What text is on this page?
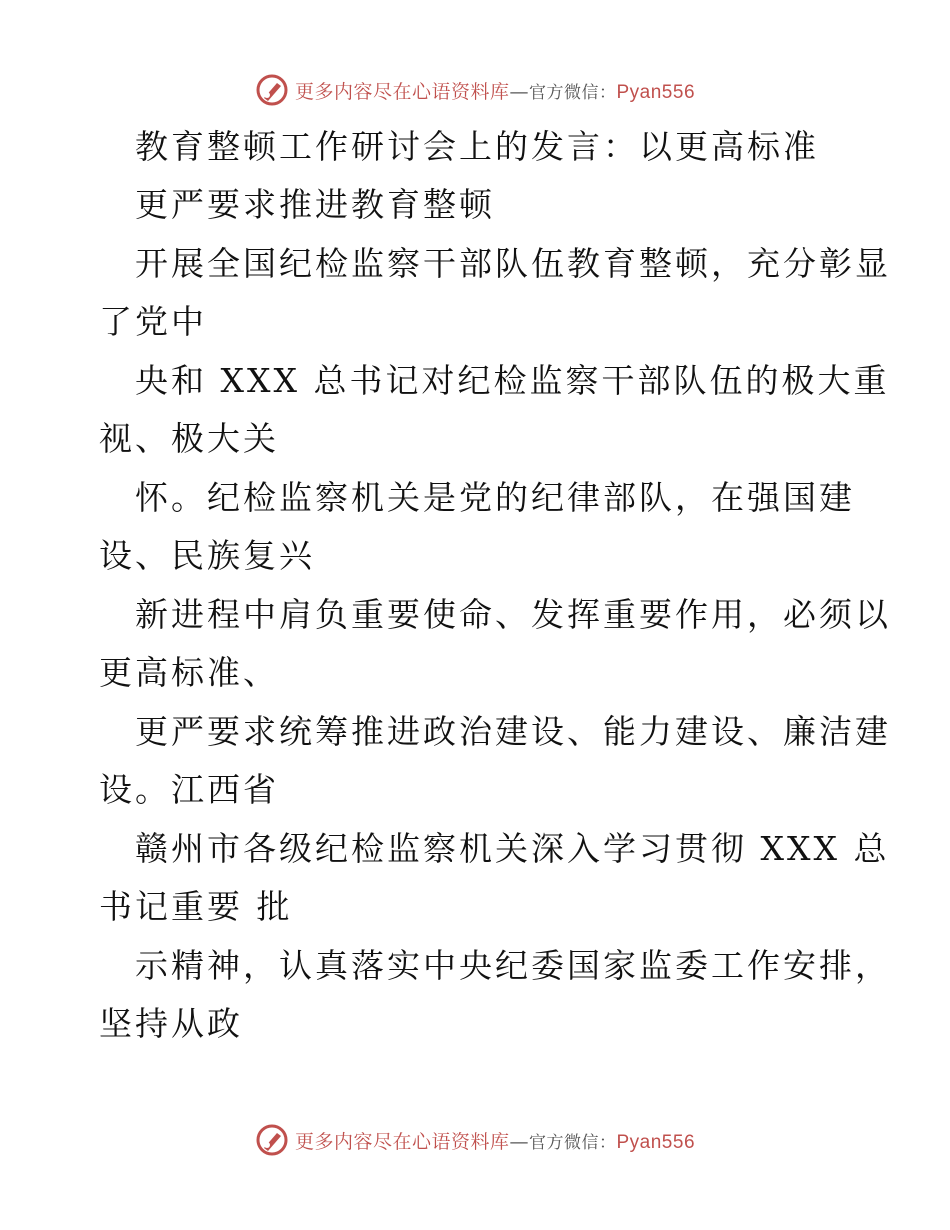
更多内容尽在心语资料库—官方微信：Pyan556

教育整顿工作研讨会上的发言：以更高标准

更严要求推进教育整顿

开展全国纪检监察干部队伍教育整顿，充分彰显

了党中

央和 XXX 总书记对纪检监察干部队伍的极大重

视、极大关

怀。纪检监察机关是党的纪律部队，在强国建

设、民族复兴

新进程中肩负重要使命、发挥重要作用，必须以

更高标准、

更严要求统筹推进政治建设、能力建设、廉洁建

设。江西省

赣州市各级纪检监察机关深入学习贯彻 XXX 总

书记重要 批

示精神，认真落实中央纪委国家监委工作安排，

坚持从政

更多内容尽在心语资料库—官方微信：Pyan556
